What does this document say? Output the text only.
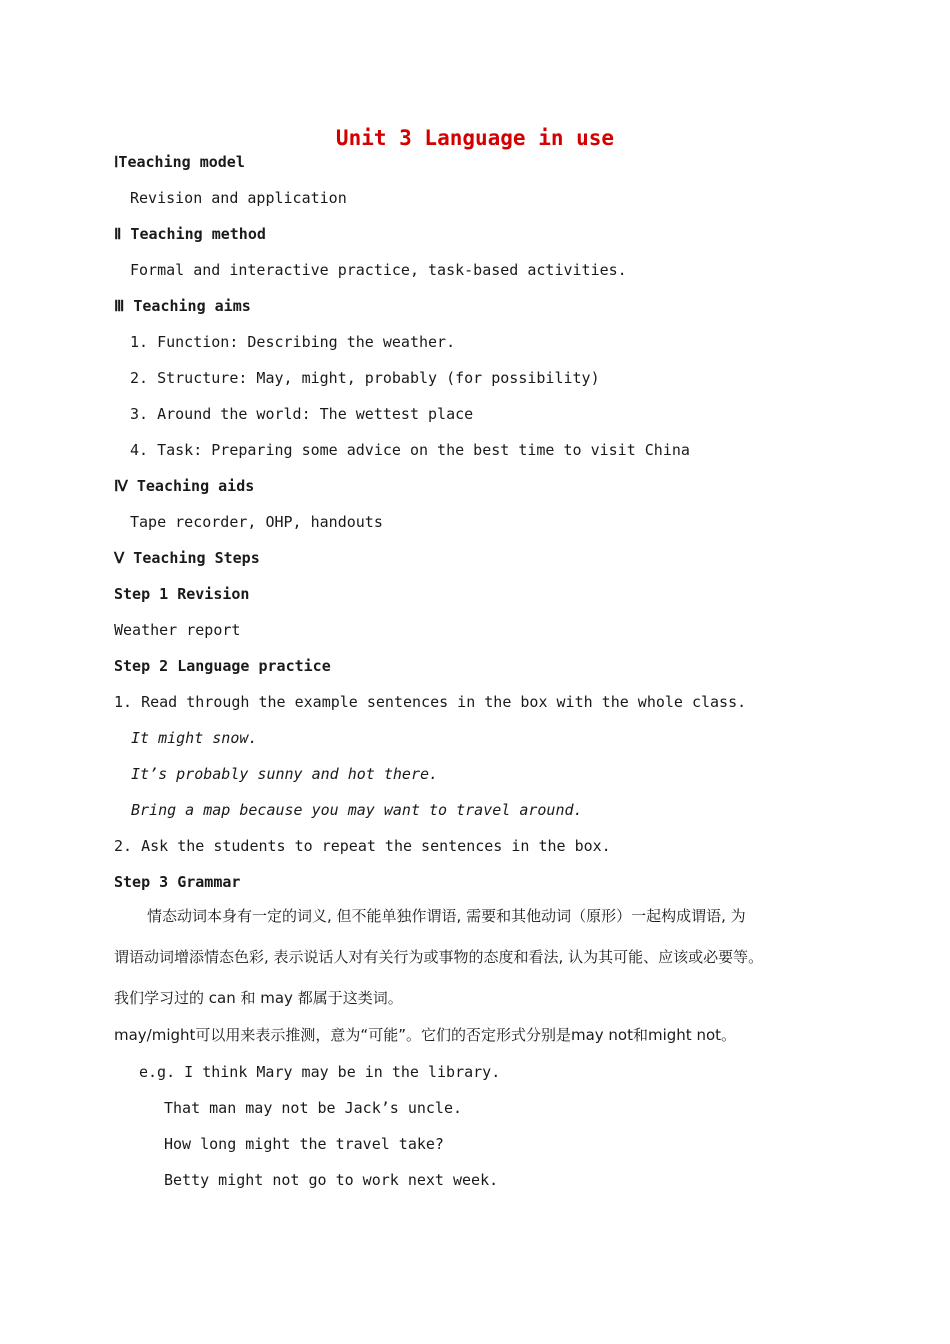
Unit 3 Language in use
ⅠTeaching model
Revision and application
Ⅱ Teaching method
Formal and interactive practice, task-based activities.
Ⅲ Teaching aims
1. Function: Describing the weather.
2. Structure: May, might, probably (for possibility)
3. Around the world: The wettest place
4. Task: Preparing some advice on the best time to visit China
Ⅳ Teaching aids
Tape recorder, OHP, handouts
Ⅴ Teaching Steps
Step 1 Revision
Weather report
Step 2 Language practice
1. Read through the example sentences in the box with the whole class.
It might snow.
It’s probably sunny and hot there.
Bring a map because you may want to travel around.
2. Ask the students to repeat the sentences in the box.
Step 3 Grammar
情态动词本身有一定的词义, 但不能单独作谓语, 需要和其他动词（原形）一起构成谓语, 为
谓语动词增添情态色彩, 表示说话人对有关行为或事物的态度和看法, 认为其可能、应该或必要等。
我们学习过的 can 和 may 都属于这类词。
may/might可以用来表示推测，意为“可能”。它们的否定形式分别是may not和might not。
e.g. I think Mary may be in the library.
That man may not be Jack’s uncle.
How long might the travel take?
Betty might not go to work next week.
